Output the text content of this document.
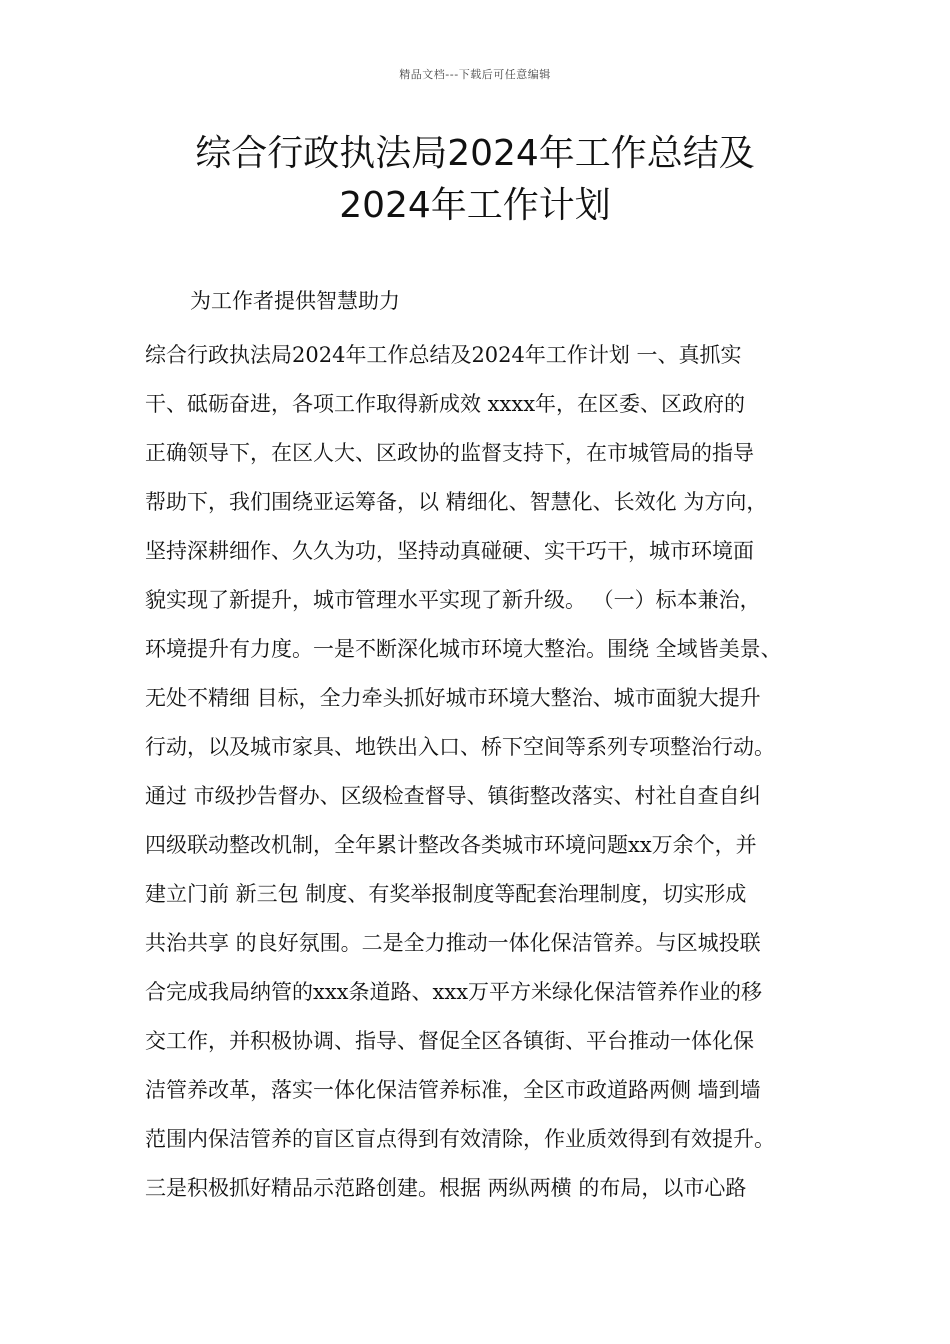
精品文档---下载后可任意编辑
综合行政执法局2024年工作总结及
2024年工作计划
为工作者提供智慧助力
综合行政执法局2024年工作总结及2024年工作计划 一、真抓实
干、砥砺奋进，各项工作取得新成效 xxxx年，在区委、区政府的
正确领导下，在区人大、区政协的监督支持下，在市城管局的指导
帮助下，我们围绕亚运筹备，以 精细化、智慧化、长效化 为方向，
坚持深耕细作、久久为功，坚持动真碰硬、实干巧干，城市环境面
貌实现了新提升，城市管理水平实现了新升级。 （一）标本兼治，
环境提升有力度。一是不断深化城市环境大整治。围绕 全域皆美景、
无处不精细 目标，全力牵头抓好城市环境大整治、城市面貌大提升
行动，以及城市家具、地铁出入口、桥下空间等系列专项整治行动。
通过 市级抄告督办、区级检查督导、镇街整改落实、村社自查自纠
四级联动整改机制，全年累计整改各类城市环境问题xx万余个，并
建立门前 新三包 制度、有奖举报制度等配套治理制度，切实形成
共治共享 的良好氛围。二是全力推动一体化保洁管养。与区城投联
合完成我局纳管的xxx条道路、xxx万平方米绿化保洁管养作业的移
交工作，并积极协调、指导、督促全区各镇街、平台推动一体化保
洁管养改革，落实一体化保洁管养标准，全区市政道路两侧 墙到墙
范围内保洁管养的盲区盲点得到有效清除，作业质效得到有效提升。
三是积极抓好精品示范路创建。根据 两纵两横 的布局，以市心路
